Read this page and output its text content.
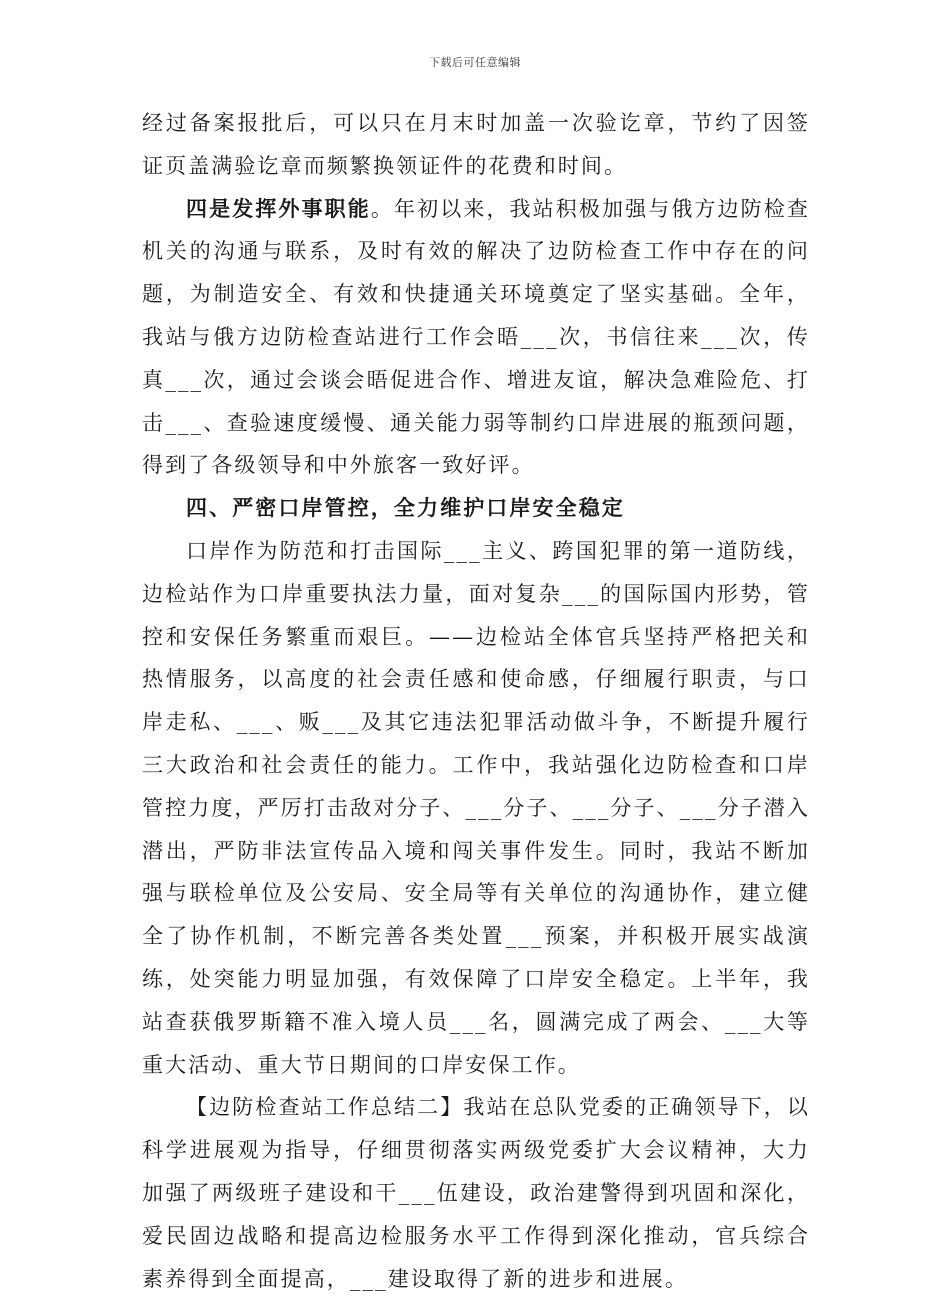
下载后可任意编辑

经过备案报批后，可以只在月末时加盖一次验讫章，节约了因签证页盖满验讫章而频繁换领证件的花费和时间。

四是发挥外事职能。年初以来，我站积极加强与俄方边防检查机关的沟通与联系，及时有效的解决了边防检查工作中存在的问题，为制造安全、有效和快捷通关环境奠定了坚实基础。全年，我站与俄方边防检查站进行工作会晤___次，书信往来___次，传真___次，通过会谈会晤促进合作、增进友谊，解决急难险危、打击___、查验速度缓慢、通关能力弱等制约口岸进展的瓶颈问题，得到了各级领导和中外旅客一致好评。

四、严密口岸管控，全力维护口岸安全稳定

口岸作为防范和打击国际___主义、跨国犯罪的第一道防线，边检站作为口岸重要执法力量，面对复杂___的国际国内形势，管控和安保任务繁重而艰巨。——边检站全体官兵坚持严格把关和热情服务，以高度的社会责任感和使命感，仔细履行职责，与口岸走私、___、贩___及其它违法犯罪活动做斗争，不断提升履行三大政治和社会责任的能力。工作中，我站强化边防检查和口岸管控力度，严厉打击敌对分子、___分子、___分子、___分子潜入潜出，严防非法宣传品入境和闯关事件发生。同时，我站不断加强与联检单位及公安局、安全局等有关单位的沟通协作，建立健全了协作机制，不断完善各类处置___预案，并积极开展实战演练，处突能力明显加强，有效保障了口岸安全稳定。上半年，我站查获俄罗斯籍不准入境人员___名，圆满完成了两会、___大等重大活动、重大节日期间的口岸安保工作。

【边防检查站工作总结二】我站在总队党委的正确领导下，以科学进展观为指导，仔细贯彻落实两级党委扩大会议精神，大力加强了两级班子建设和干___伍建设，政治建警得到巩固和深化，爱民固边战略和提高边检服务水平工作得到深化推动，官兵综合素养得到全面提高，___建设取得了新的进步和进展。
